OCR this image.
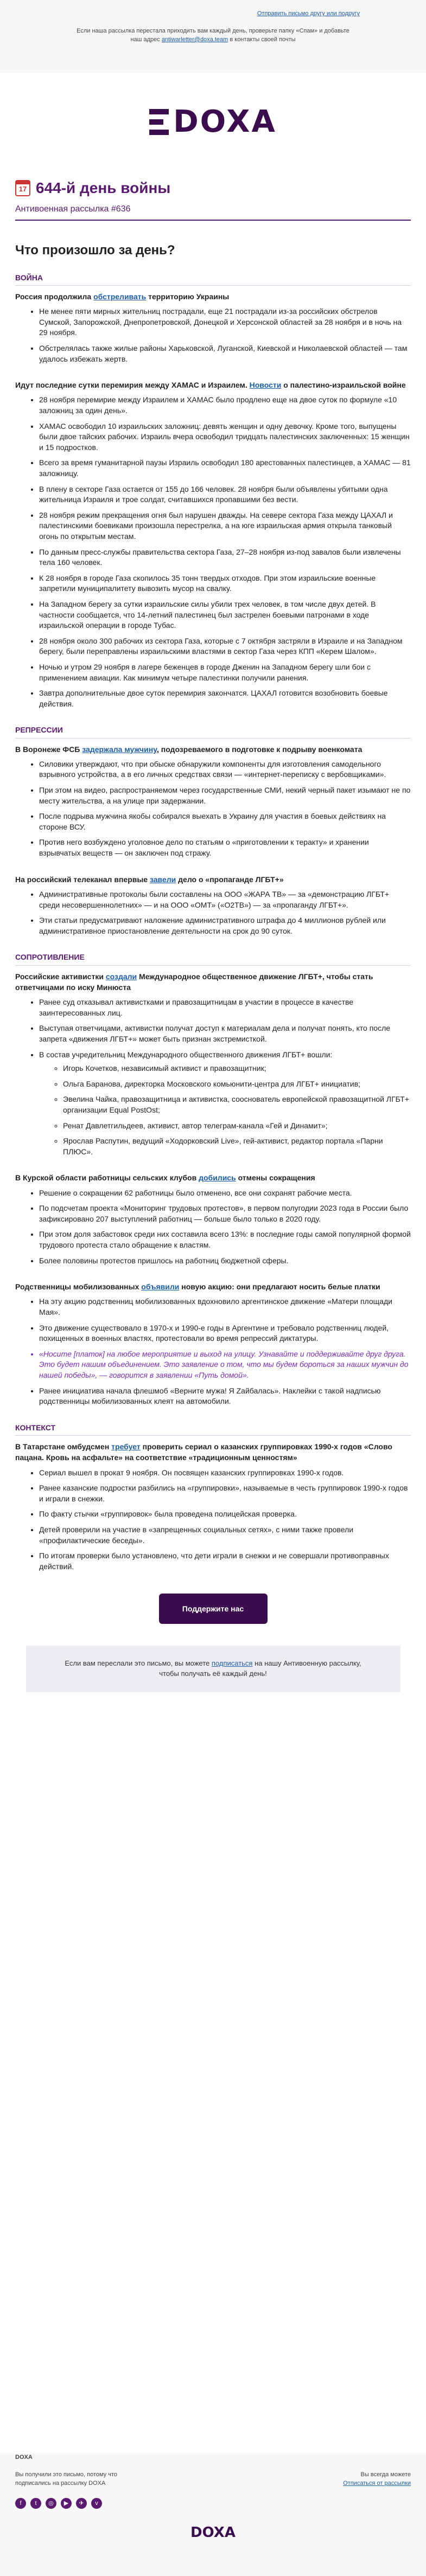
Отправить письмо другу или подругу

Если наша рассылка перестала приходить вам каждый день, проверьте папку «Спам» и добавьте наш адрес antiwarletter@doxa.team в контакты своей почты

DOXA
17 644-й день войны
Антивоенная рассылка #636
Что произошло за день?
ВОЙНА

Россия продолжила обстреливать территорию Украины

• Не менее пяти мирных жительниц пострадали, еще 21 пострадали из-за российских обстрелов Сумской, Запорожской, Днепропетровской, Донецкой и Херсонской областей за 28 ноября и в ночь на 29 ноября.
• Обстрелялась также жилые районы Харьковской, Луганской, Киевской и Николаевской областей — там удалось избежать жертв.

Идут последние сутки перемирия между ХАМАС и Израилем. Новости о палестино-израильской войне

• 28 ноября перемирие между Израилем и ХАМАС было продлено еще на двое суток по формуле «10 заложниц за один день».
• ХАМАС освободил 10 израильских заложниц: девять женщин и одну девочку. Кроме того, выпущены были двое тайских рабочих. Израиль вчера освободил тридцать палестинских заключенных: 15 женщин и 15 подростков.
• Всего за время гуманитарной паузы Израиль освободил 180 арестованных палестинцев, а ХАМАС — 81 заложницу.
• В плену в секторе Газа остается от 155 до 166 человек. 28 ноября были объявлены убитыми одна жительница Израиля и трое солдат, считавшихся пропавшими без вести.
• 28 ноября режим прекращения огня был нарушен дважды. На севере сектора Газа между ЦАХАЛ и палестинскими боевиками произошла перестрелка, а на юге израильская армия открыла танковый огонь по открытым местам.
• По данным пресс-службы правительства сектора Газа, 27–28 ноября из-под завалов были извлечены тела 160 человек.
• К 28 ноября в городе Газа скопилось 35 тонн твердых отходов. При этом израильские военные запретили муниципалитету вывозить мусор на свалку.
• На Западном берегу за сутки израильские силы убили трех человек, в том числе двух детей. В частности сообщается, что 14-летний палестинец был застрелен боевыми патронами в ходе израильской операции в городе Тубас.
• 28 ноября около 300 рабочих из сектора Газа, которые с 7 октября застряли в Израиле и на Западном берегу, были переправлены израильскими властями в сектор Газа через КПП «Керем Шалом».
• Ночью и утром 29 ноября в лагере беженцев в городе Дженин на Западном берегу шли бои с применением авиации. Как минимум четыре палестинки получили ранения.
• Завтра дополнительные двое суток перемирия закончатся. ЦАХАЛ готовится возобновить боевые действия.
РЕПРЕССИИ

В Воронеже ФСБ задержала мужчину, подозреваемого в подготовке к подрыву военкомата

• Силовики утверждают, что при обыске обнаружили компоненты для изготовления самодельного взрывного устройства, а в его личных средствах связи — «интернет-переписку с вербовщиками».
• При этом на видео, распространяемом через государственные СМИ, некий черный пакет изымают не по месту жительства, а на улице при задержании.
• После подрыва мужчина якобы собирался выехать в Украину для участия в боевых действиях на стороне ВСУ.
• Против него возбуждено уголовное дело по статьям о «приготовлении к теракту» и хранении взрывчатых веществ — он заключен под стражу.

На российский телеканал впервые завели дело о «пропаганде ЛГБТ+»

• Административные протоколы были составлены на ООО «ЖАРА ТВ» — за «демонстрацию ЛГБТ+ среди несовершеннолетних» — и на ООО «ОМТ» («О2ТВ») — за «пропаганду ЛГБТ+».
• Эти статьи предусматривают наложение административного штрафа до 4 миллионов рублей или административное приостановление деятельности на срок до 90 суток.
СОПРОТИВЛЕНИЕ

Российские активистки создали Международное общественное движение ЛГБТ+, чтобы стать ответчицами по иску Минюста

• Ранее суд отказывал активистками и правозащитницам в участии в процессе в качестве заинтересованных лиц.
• Выступая ответчицами, активистки получат доступ к материалам дела и получат понять, кто после запрета «движения ЛГБТ+» может быть признан экстремисткой.
• В состав учредительниц Международного общественного движения ЛГБТ+ вошли:
◦ Игорь Кочетков, независимый активист и правозащитник;
◦ Ольга Баранова, директорка Московского комьюнити-центра для ЛГБТ+ инициатив;
◦ Эвелина Чайка, правозащитница и активистка, сооснователь европейской правозащитной ЛГБТ+ организации Equal PostOst;
◦ Ренат Давлетгильдеев, активист, автор телеграм-канала «Гей и Динамит»;
◦ Ярослав Распутин, ведущий «Ходорковский Live», гей-активист, редактор портала «Парни ПЛЮС».

В Курской области работницы сельских клубов добились отмены сокращения

• Решение о сокращении 62 работницы было отменено, все они сохранят рабочие места.
• По подсчетам проекта «Мониторинг трудовых протестов», в первом полугодии 2023 года в России было зафиксировано 207 выступлений работниц — больше было только в 2020 году.
• При этом доля забастовок среди них составила всего 13%: в последние годы самой популярной формой трудового протеста стало обращение к властям.
• Более половины протестов пришлось на работниц бюджетной сферы.

Родственницы мобилизованных объявили новую акцию: они предлагают носить белые платки

• На эту акцию родственниц мобилизованных вдохновило аргентинское движение «Матери площади Мая».
• Это движение существовало в 1970-х и 1990-е годы в Аргентине и требовало родственниц людей, похищенных в военных властях, протестовали во время репрессий диктатуры.
• «Носите [платок] на любое мероприятие и выход на улицу. Узнавайте и поддерживайте друг друга. Это будет нашим объединением. Это заявление о том, что мы будем бороться за наших мужчин до нашей победы», — говорится в заявлении «Путь домой».
• Ранее инициатива начала флешмоб «Верните мужа! Я Zaйбалась». Наклейки с такой надписью родственницы мобилизованных клеят на автомобили.
КОНТЕКСТ

В Татарстане омбудсмен требует проверить сериал о казанских группировках 1990-х годов «Слово пацана. Кровь на асфальте» на соответствие «традиционным ценностям»

• Сериал вышел в прокат 9 ноября. Он посвящен казанских группировках 1990-х годов.
• Ранее казанские подростки разбились на «группировки», называемые в честь группировок 1990-х годов и играли в снежки.
• По факту стычки «группировок» была проведена полицейская проверка.
• Детей проверили на участие в «запрещенных социальных сетях», с ними также провели «профилактические беседы».
• По итогам проверки было установлено, что дети играли в снежки и не совершали противоправных действий.
Поддержите нас
Если вам переслали это письмо, вы можете подписаться на нашу Антивоенную рассылку, чтобы получать её каждый день!
DOXA
Вы получили это письмо, потому что подписались на рассылку DOXA
Вы всегда можете
Отписаться от рассылки
f	t	◎	▶	✈	v
DOXA
